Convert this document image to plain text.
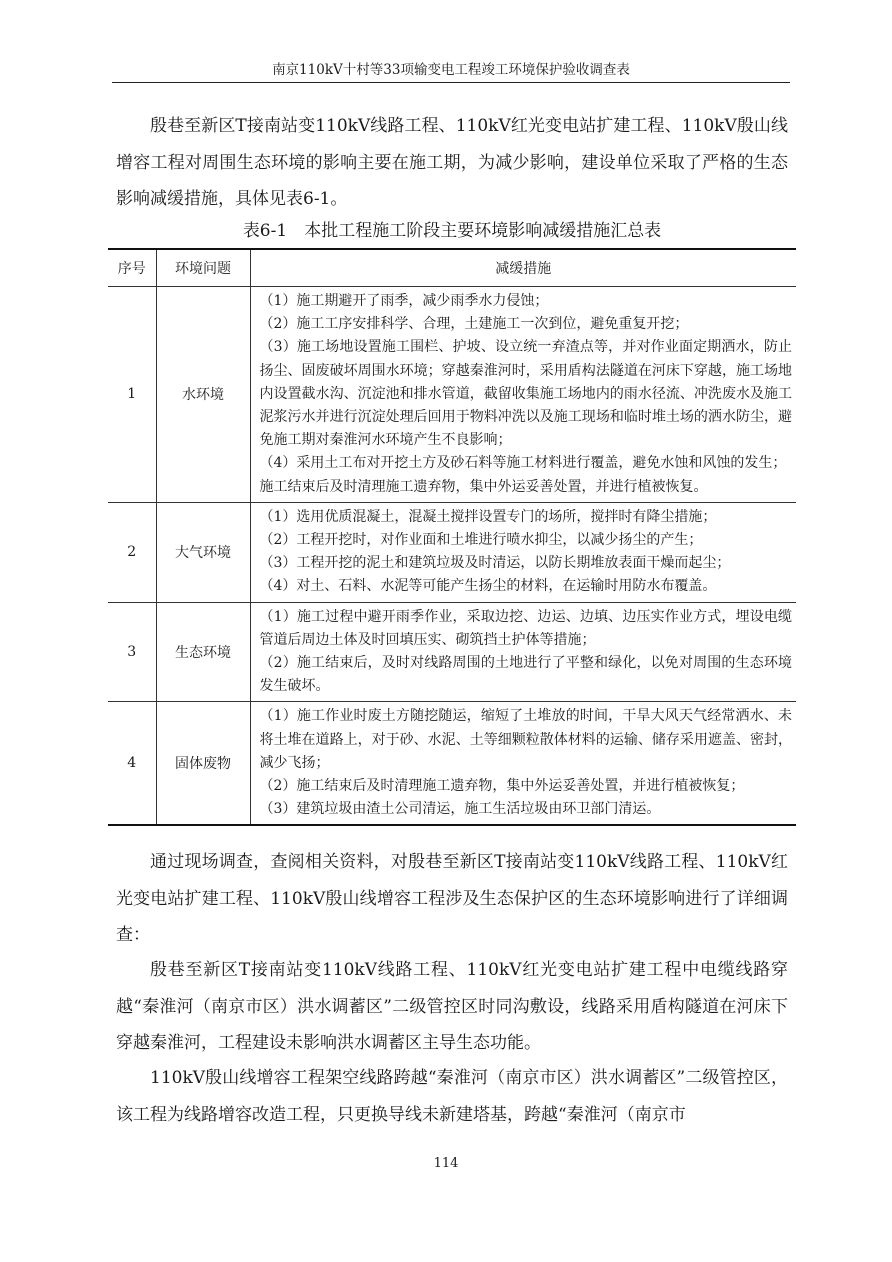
南京110kV十村等33项输变电工程竣工环境保护验收调查表

殷巷至新区T接南站变110kV线路工程、110kV红光变电站扩建工程、110kV殷山线增容工程对周围生态环境的影响主要在施工期，为减少影响，建设单位采取了严格的生态影响减缓措施，具体见表6-1。

表6-1　本批工程施工阶段主要环境影响减缓措施汇总表
序号	环境问题	减缓措施
1	水环境	（1）施工期避开了雨季，减少雨季水力侵蚀；
（2）施工工序安排科学、合理，土建施工一次到位，避免重复开挖；
（3）施工场地设置施工围栏、护坡、设立统一弃渣点等，并对作业面定期洒水，防止扬尘、固废破坏周围水环境；穿越秦淮河时，采用盾构法隧道在河床下穿越，施工场地内设置截水沟、沉淀池和排水管道，截留收集施工场地内的雨水径流、冲洗废水及施工泥浆污水并进行沉淀处理后回用于物料冲洗以及施工现场和临时堆土场的洒水防尘，避免施工期对秦淮河水环境产生不良影响；
（4）采用土工布对开挖土方及砂石料等施工材料进行覆盖，避免水蚀和风蚀的发生；
施工结束后及时清理施工遗弃物，集中外运妥善处置，并进行植被恢复。

2	大气环境	（1）选用优质混凝土，混凝土搅拌设置专门的场所，搅拌时有降尘措施；
（2）工程开挖时，对作业面和土堆进行喷水抑尘，以减少扬尘的产生；
（3）工程开挖的泥土和建筑垃圾及时清运，以防长期堆放表面干燥而起尘；
（4）对土、石料、水泥等可能产生扬尘的材料，在运输时用防水布覆盖。

3	生态环境	（1）施工过程中避开雨季作业，采取边挖、边运、边填、边压实作业方式，埋设电缆管道后周边土体及时回填压实、砌筑挡土护体等措施；
（2）施工结束后，及时对线路周围的土地进行了平整和绿化，以免对周围的生态环境发生破坏。

4	固体废物	（1）施工作业时废土方随挖随运，缩短了土堆放的时间，干旱大风天气经常洒水、未将土堆在道路上，对于砂、水泥、土等细颗粒散体材料的运输、储存采用遮盖、密封，减少飞扬；
（2）施工结束后及时清理施工遗弃物，集中外运妥善处置，并进行植被恢复；
（3）建筑垃圾由渣土公司清运，施工生活垃圾由环卫部门清运。

通过现场调查，查阅相关资料，对殷巷至新区T接南站变110kV线路工程、110kV红光变电站扩建工程、110kV殷山线增容工程涉及生态保护区的生态环境影响进行了详细调查：

殷巷至新区T接南站变110kV线路工程、110kV红光变电站扩建工程中电缆线路穿越“秦淮河（南京市区）洪水调蓄区”二级管控区时同沟敷设，线路采用盾构隧道在河床下穿越秦淮河，工程建设未影响洪水调蓄区主导生态功能。

110kV殷山线增容工程架空线路跨越“秦淮河（南京市区）洪水调蓄区”二级管控区，该工程为线路增容改造工程，只更换导线未新建塔基，跨越“秦淮河（南京市

114
